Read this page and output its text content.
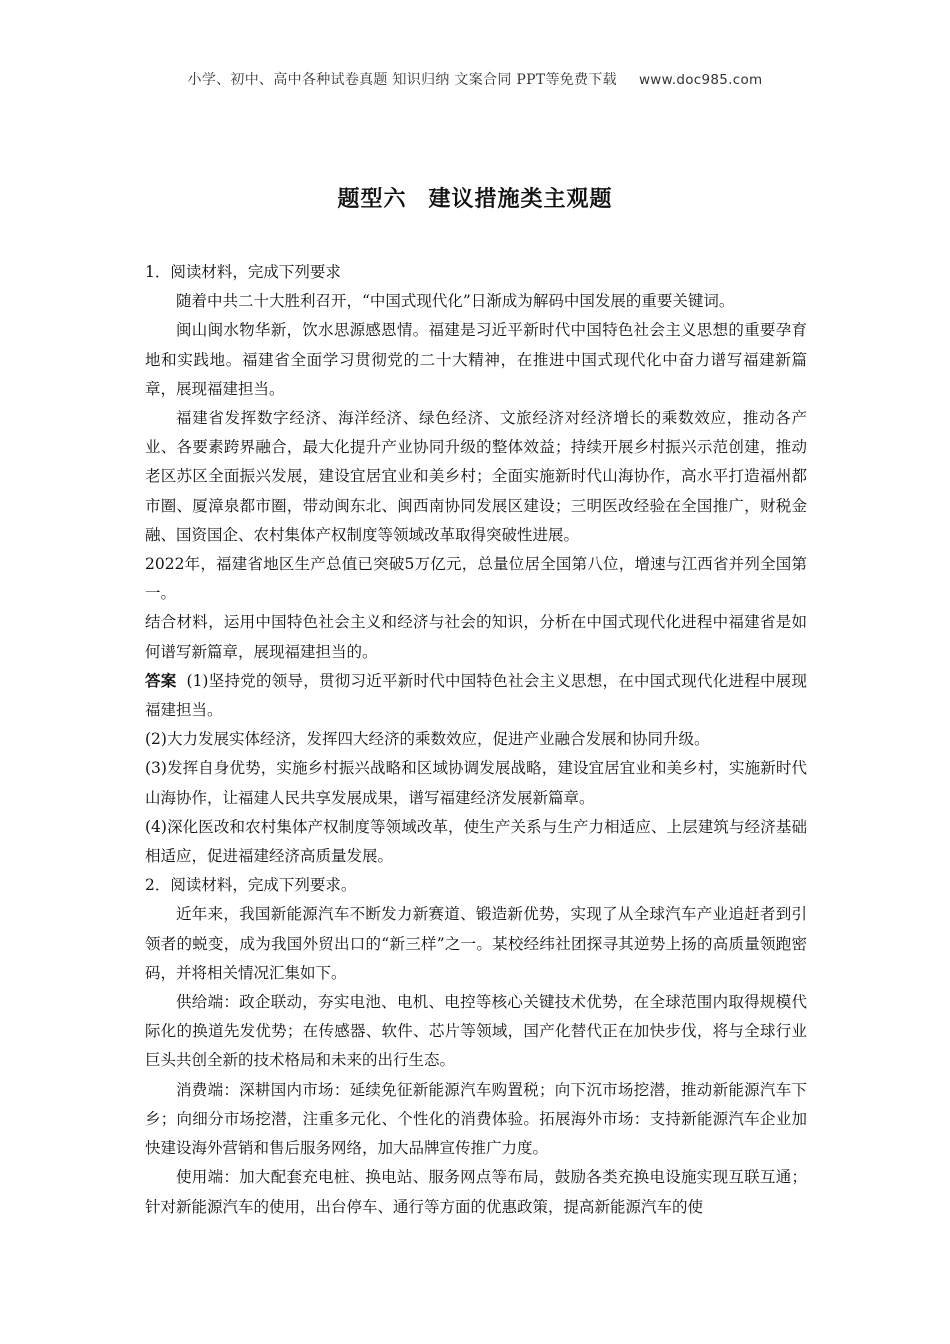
小学、初中、高中各种试卷真题 知识归纳 文案合同 PPT等免费下载 www.doc985.com
题型六 建议措施类主观题

1．阅读材料，完成下列要求

随着中共二十大胜利召开，“中国式现代化”日渐成为解码中国发展的重要关键词。

闽山闽水物华新，饮水思源感恩情。福建是习近平新时代中国特色社会主义思想的重要孕育地和实践地。福建省全面学习贯彻党的二十大精神，在推进中国式现代化中奋力谱写福建新篇章，展现福建担当。

福建省发挥数字经济、海洋经济、绿色经济、文旅经济对经济增长的乘数效应，推动各产业、各要素跨界融合，最大化提升产业协同升级的整体效益；持续开展乡村振兴示范创建，推动老区苏区全面振兴发展，建设宜居宜业和美乡村；全面实施新时代山海协作，高水平打造福州都市圈、厦漳泉都市圈，带动闽东北、闽西南协同发展区建设；三明医改经验在全国推广，财税金融、国资国企、农村集体产权制度等领域改革取得突破性进展。

2022年，福建省地区生产总值已突破5万亿元，总量位居全国第八位，增速与江西省并列全国第一。

结合材料，运用中国特色社会主义和经济与社会的知识，分析在中国式现代化进程中福建省是如何谱写新篇章，展现福建担当的。

答案 (1)坚持党的领导，贯彻习近平新时代中国特色社会主义思想，在中国式现代化进程中展现福建担当。

(2)大力发展实体经济，发挥四大经济的乘数效应，促进产业融合发展和协同升级。

(3)发挥自身优势，实施乡村振兴战略和区域协调发展战略，建设宜居宜业和美乡村，实施新时代山海协作，让福建人民共享发展成果，谱写福建经济发展新篇章。

(4)深化医改和农村集体产权制度等领域改革，使生产关系与生产力相适应、上层建筑与经济基础相适应，促进福建经济高质量发展。

2．阅读材料，完成下列要求。

近年来，我国新能源汽车不断发力新赛道、锻造新优势，实现了从全球汽车产业追赶者到引领者的蜕变，成为我国外贸出口的“新三样”之一。某校经纬社团探寻其逆势上扬的高质量领跑密码，并将相关情况汇集如下。

供给端：政企联动，夯实电池、电机、电控等核心关键技术优势，在全球范围内取得规模代际化的换道先发优势；在传感器、软件、芯片等领域，国产化替代正在加快步伐，将与全球行业巨头共创全新的技术格局和未来的出行生态。

消费端：深耕国内市场：延续免征新能源汽车购置税；向下沉市场挖潜，推动新能源汽车下乡；向细分市场挖潜，注重多元化、个性化的消费体验。拓展海外市场：支持新能源汽车企业加快建设海外营销和售后服务网络，加大品牌宣传推广力度。

使用端：加大配套充电桩、换电站、服务网点等布局，鼓励各类充换电设施实现互联互通；针对新能源汽车的使用，出台停车、通行等方面的优惠政策，提高新能源汽车的使
